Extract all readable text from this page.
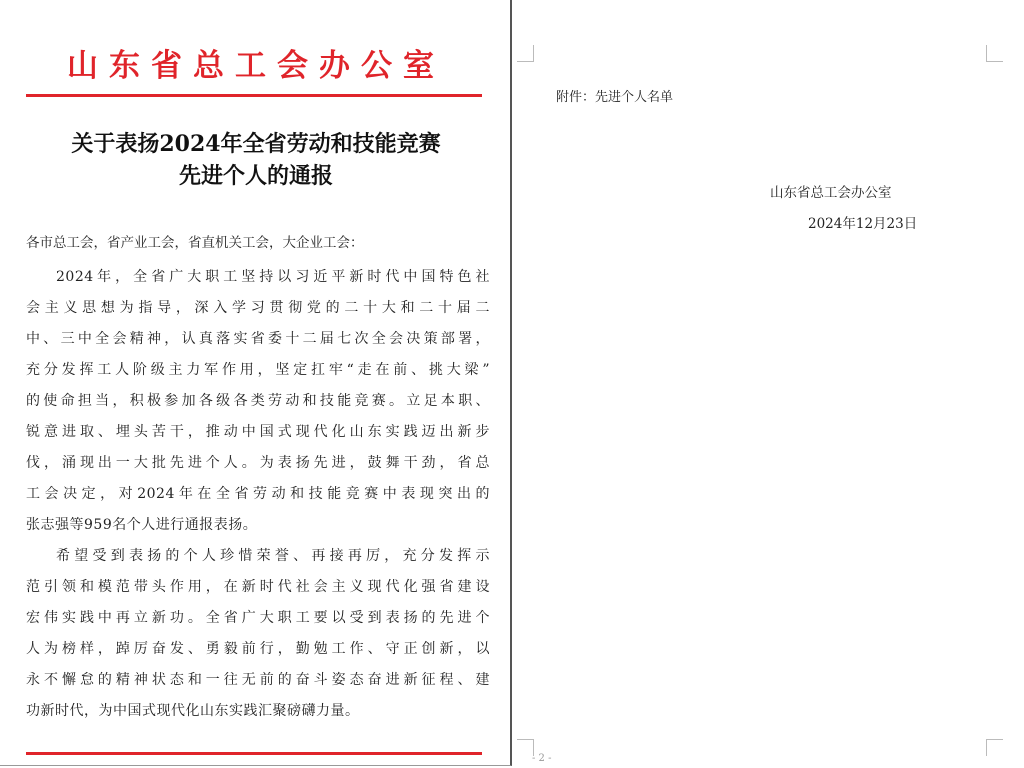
山东省总工会办公室
关于表扬2024年全省劳动和技能竞赛
先进个人的通报
各市总工会，省产业工会，省直机关工会，大企业工会：
2024年，全省广大职工坚持以习近平新时代中国特色社
会主义思想为指导，深入学习贯彻党的二十大和二十届二
中、三中全会精神，认真落实省委十二届七次全会决策部署，
充分发挥工人阶级主力军作用，坚定扛牢“走在前、挑大梁”
的使命担当，积极参加各级各类劳动和技能竞赛。立足本职、
锐意进取、埋头苦干，推动中国式现代化山东实践迈出新步
伐，涌现出一大批先进个人。为表扬先进，鼓舞干劲，省总
工会决定，对2024年在全省劳动和技能竞赛中表现突出的
张志强等959名个人进行通报表扬。
希望受到表扬的个人珍惜荣誉、再接再厉，充分发挥示
范引领和模范带头作用，在新时代社会主义现代化强省建设
宏伟实践中再立新功。全省广大职工要以受到表扬的先进个
人为榜样，踔厉奋发、勇毅前行，勤勉工作、守正创新，以
永不懈怠的精神状态和一往无前的奋斗姿态奋进新征程、建
功新时代，为中国式现代化山东实践汇聚磅礴力量。
附件：先进个人名单
山东省总工会办公室
2024年12月23日
- 2 -
